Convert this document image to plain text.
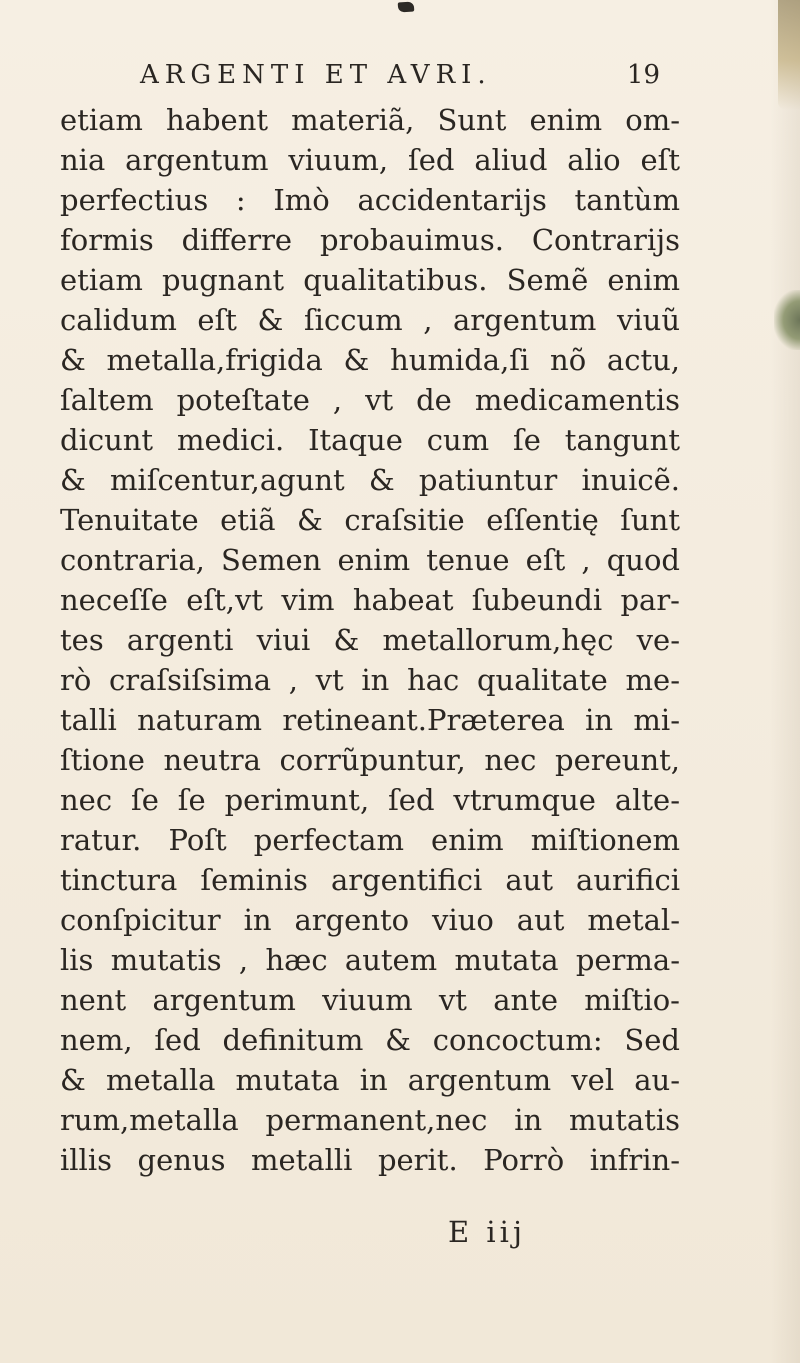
ARGENTI ET AVRI.	19
etiam habent materiã, Sunt enim om-
nia argentum viuum, ſed aliud alio eſt
perfectius : Imò accidentarijs tantùm
formis differre probauimus. Contrarijs
etiam pugnant qualitatibus. Semẽ enim
calidum eſt & ſiccum , argentum viuũ
& metalla,frigida & humida,ſi nõ actu,
ſaltem poteſtate , vt de medicamentis
dicunt medici. Itaque cum ſe tangunt
& miſcentur,agunt & patiuntur inuicẽ.
Tenuitate etiã & craſsitie eſſentię ſunt
contraria, Semen enim tenue eſt , quod
neceſſe eſt,vt vim habeat ſubeundi par-
tes argenti viui & metallorum,hęc ve-
rò craſsiſsima , vt in hac qualitate me-
talli naturam retineant.Præterea in mi-
ſtione neutra corrũpuntur, nec pereunt,
nec ſe ſe perimunt, ſed vtrumque alte-
ratur. Poſt perfectam enim miſtionem
tinctura ſeminis argentifici aut aurifici
conſpicitur in argento viuo aut metal-
lis mutatis , hæc autem mutata perma-
nent argentum viuum vt ante miſtio-
nem, ſed definitum & concoctum: Sed
& metalla mutata in argentum vel au-
rum,metalla permanent,nec in mutatis
illis genus metalli perit. Porrò infrin-
E iij
